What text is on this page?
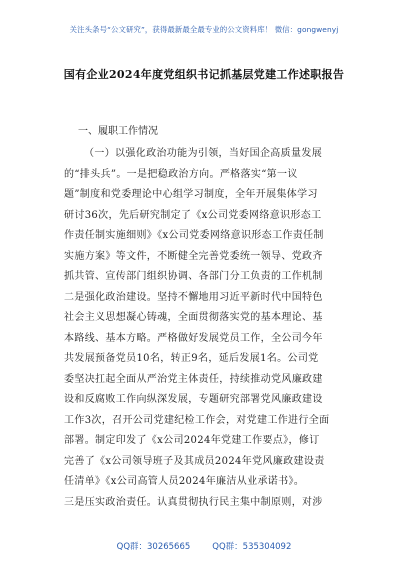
关注头条号“公文研究”，获得最新最全最专业的公文资料库！ 微信：gongwenyj
国有企业2024年度党组织书记抓基层党建工作述职报告
一、履职工作情况
（一）以强化政治功能为引领，当好国企高质量发展
的“排头兵”。一是把稳政治方向。严格落实“第一议
题”制度和党委理论中心组学习制度，全年开展集体学习
研讨36次，先后研究制定了《x公司党委网络意识形态工
作责任制实施细则》《x公司党委网络意识形态工作责任制
实施方案》等文件，不断健全完善党委统一领导、党政齐
抓共管、宣传部门组织协调、各部门分工负责的工作机制
二是强化政治建设。坚持不懈地用习近平新时代中国特色
社会主义思想凝心铸魂，全面贯彻落实党的基本理论、基
本路线、基本方略。严格做好发展党员工作，全公司今年
共发展预备党员10名，转正9名，延后发展1名。公司党
委坚决扛起全面从严治党主体责任，持续推动党风廉政建
设和反腐败工作向纵深发展，专题研究部署党风廉政建设
工作3次，召开公司党建纪检工作会，对党建工作进行全面
部署。制定印发了《x公司2024年党建工作要点》，修订
完善了《x公司领导班子及其成员2024年党风廉政建设责
任清单》《x公司高管人员2024年廉洁从业承诺书》。
三是压实政治责任。认真贯彻执行民主集中制原则，对涉
QQ群：30265665	QQ群：535304092
